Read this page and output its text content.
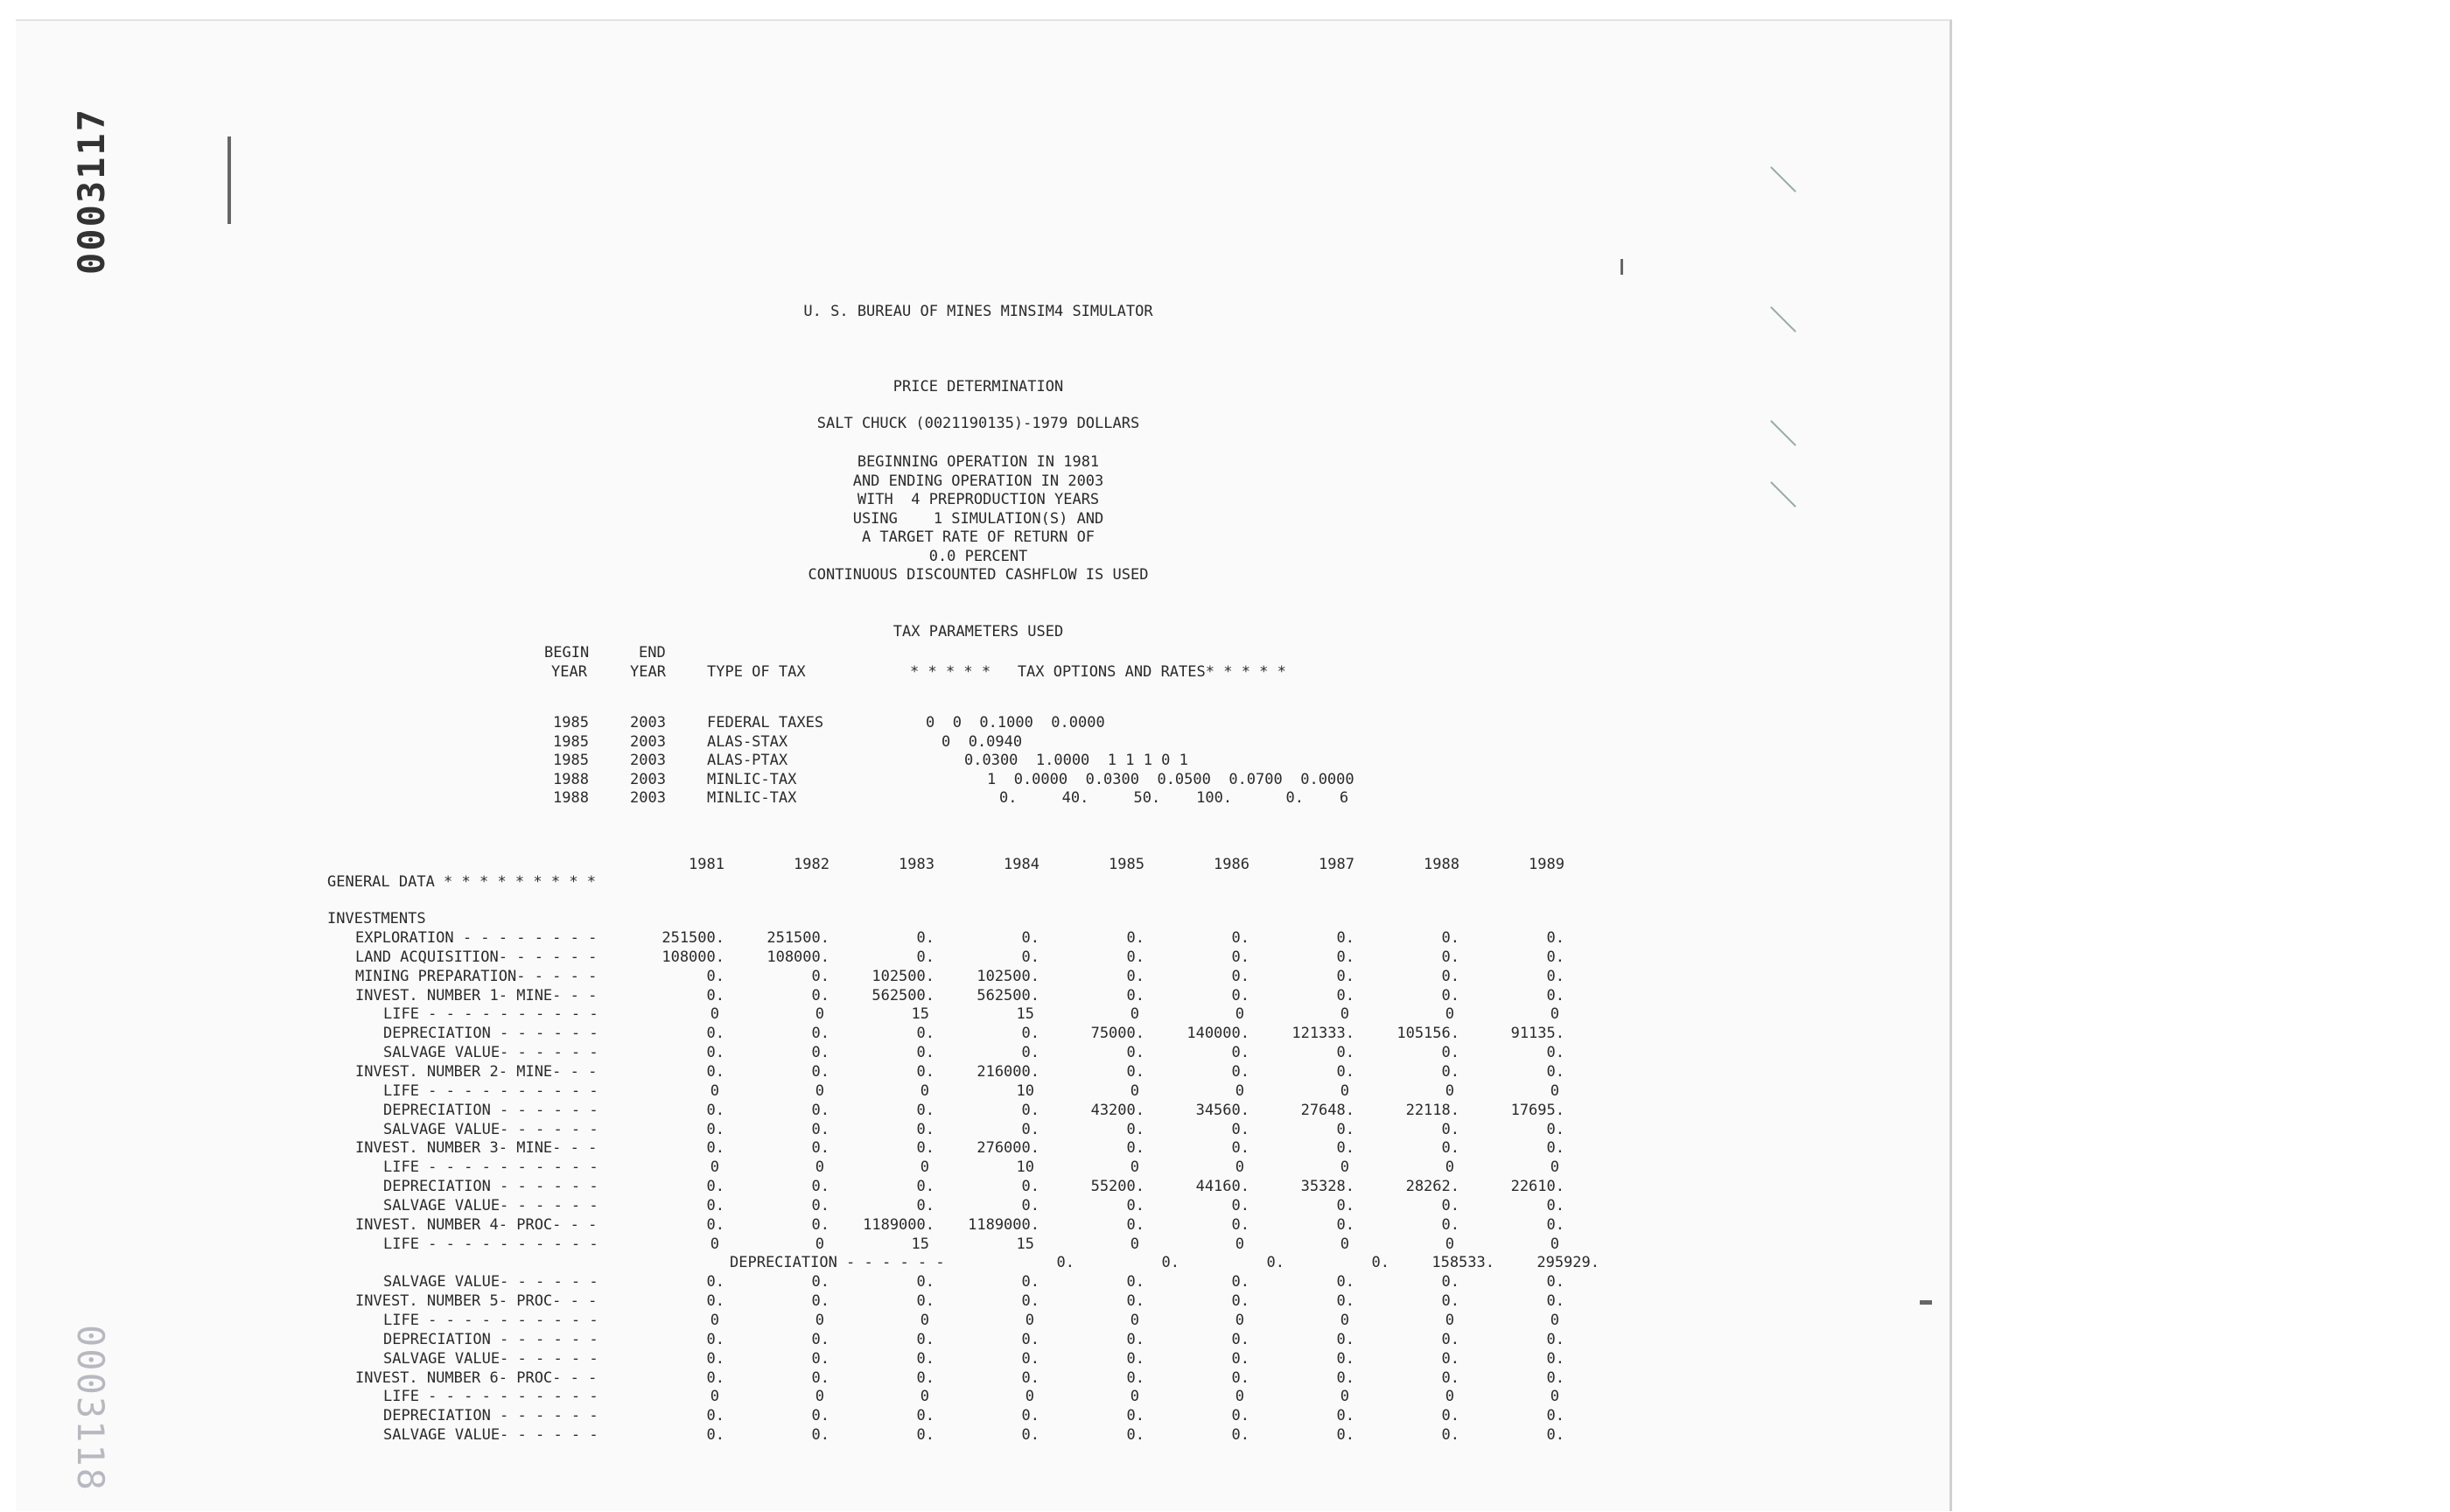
0003117
0003118
U. S. BUREAU OF MINES MINSIM4 SIMULATOR
PRICE DETERMINATION
SALT CHUCK (0021190135)-1979 DOLLARS
BEGINNING OPERATION IN 1981
AND ENDING OPERATION IN 2003
WITH  4 PREPRODUCTION YEARS
USING    1 SIMULATION(S) AND
A TARGET RATE OF RETURN OF
0.0 PERCENT
CONTINUOUS DISCOUNTED CASHFLOW IS USED
TAX PARAMETERS USED
BEGIN
YEAR
END
YEAR	TYPE OF TAX	* * * * *   TAX OPTIONS AND RATES* * * * *
1985	2003	FEDERAL TAXES	0  0  0.1000  0.0000
1985	2003	ALAS-STAX	0  0.0940
1985	2003	ALAS-PTAX	0.0300  1.0000  1 1 1 0 1
1988	2003	MINLIC-TAX	1  0.0000  0.0300  0.0500  0.0700  0.0000
1988	2003	MINLIC-TAX	0.     40.     50.    100.      0.    6
1981	1982	1983	1984	1985	1986	1987	1988	1989
GENERAL DATA * * * * * * * * *
INVESTMENTS
EXPLORATION - - - - - - - -	251500.	251500.	0.	0.	0.	0.	0.	0.	0.
LAND ACQUISITION- - - - - -	108000.	108000.	0.	0.	0.	0.	0.	0.	0.
MINING PREPARATION- - - - -	0.	0.	102500.	102500.	0.	0.	0.	0.	0.
INVEST. NUMBER 1- MINE- - -	0.	0.	562500.	562500.	0.	0.	0.	0.	0.
LIFE - - - - - - - - - -	0	0	15	15	0	0	0	0	0
DEPRECIATION - - - - - -	0.	0.	0.	0.	75000.	140000.	121333.	105156.	91135.
SALVAGE VALUE- - - - - -	0.	0.	0.	0.	0.	0.	0.	0.	0.
INVEST. NUMBER 2- MINE- - -	0.	0.	0.	216000.	0.	0.	0.	0.	0.
LIFE - - - - - - - - - -	0	0	0	10	0	0	0	0	0
DEPRECIATION - - - - - -	0.	0.	0.	0.	43200.	34560.	27648.	22118.	17695.
SALVAGE VALUE- - - - - -	0.	0.	0.	0.	0.	0.	0.	0.	0.
INVEST. NUMBER 3- MINE- - -	0.	0.	0.	276000.	0.	0.	0.	0.	0.
LIFE - - - - - - - - - -	0	0	0	10	0	0	0	0	0
DEPRECIATION - - - - - -	0.	0.	0.	0.	55200.	44160.	35328.	28262.	22610.
SALVAGE VALUE- - - - - -	0.	0.	0.	0.	0.	0.	0.	0.	0.
INVEST. NUMBER 4- PROC- - -	0.	0.	1189000.	1189000.	0.	0.	0.	0.	0.
LIFE - - - - - - - - - -	0	0	15	15	0	0	0	0	0
DEPRECIATION - - - - - -	0.	0.	0.	0.	158533.	295929.
SALVAGE VALUE- - - - - -	0.	0.	0.	0.	0.	0.	0.	0.	0.
INVEST. NUMBER 5- PROC- - -	0.	0.	0.	0.	0.	0.	0.	0.	0.
LIFE - - - - - - - - - -	0	0	0	0	0	0	0	0	0
DEPRECIATION - - - - - -	0.	0.	0.	0.	0.	0.	0.	0.	0.
SALVAGE VALUE- - - - - -	0.	0.	0.	0.	0.	0.	0.	0.	0.
INVEST. NUMBER 6- PROC- - -	0.	0.	0.	0.	0.	0.	0.	0.	0.
LIFE - - - - - - - - - -	0	0	0	0	0	0	0	0	0
DEPRECIATION - - - - - -	0.	0.	0.	0.	0.	0.	0.	0.	0.
SALVAGE VALUE- - - - - -	0.	0.	0.	0.	0.	0.	0.	0.	0.
